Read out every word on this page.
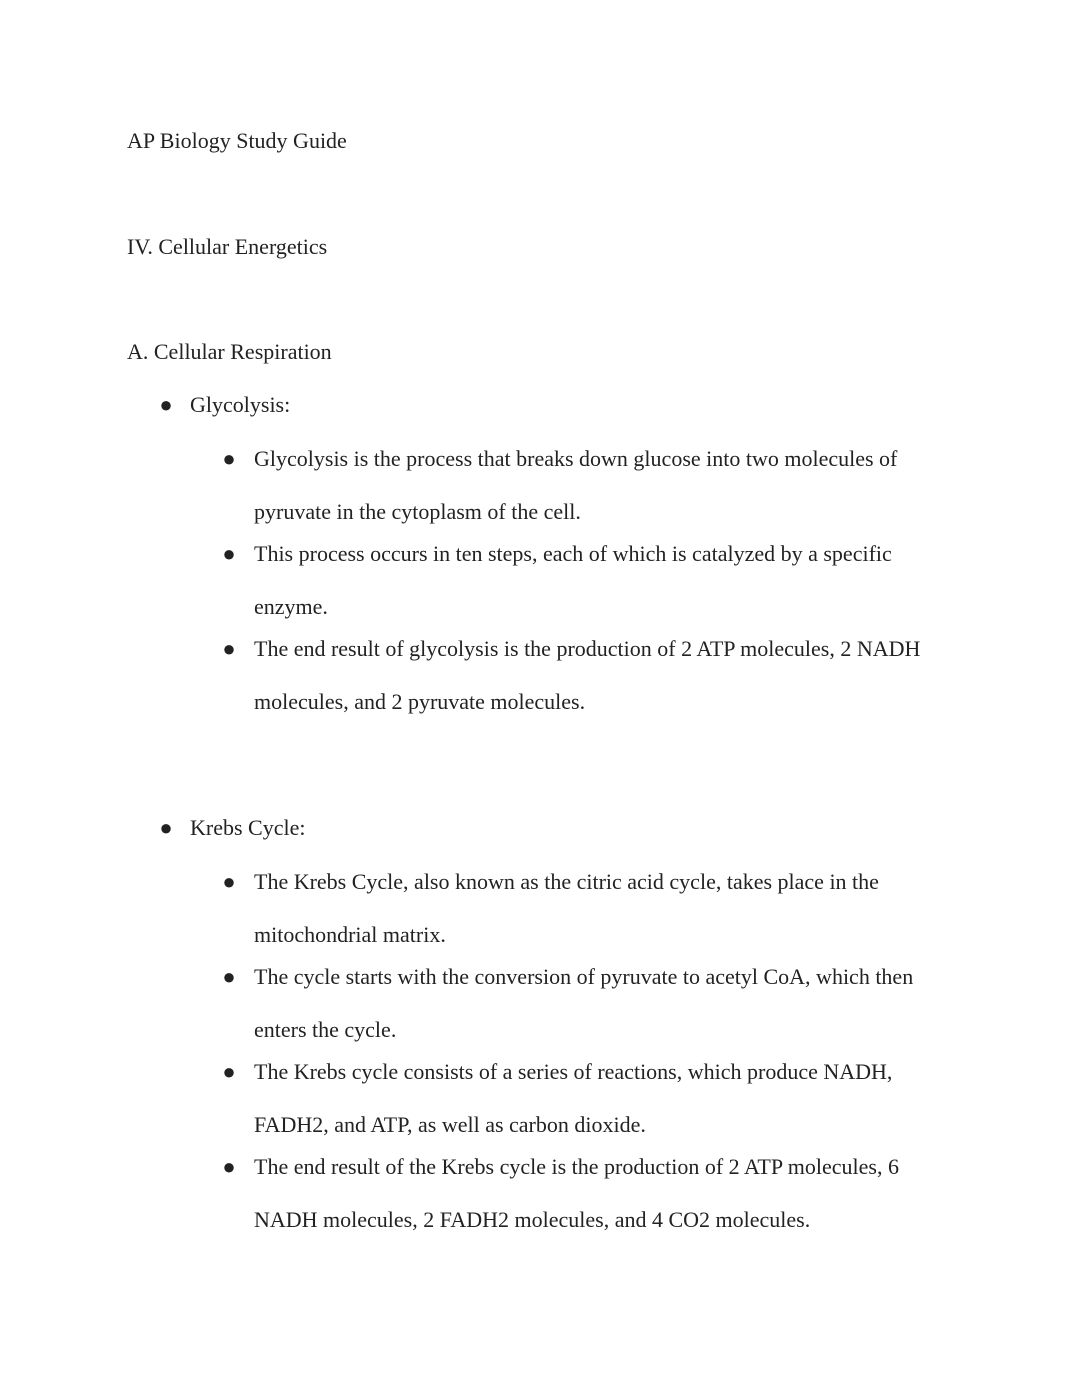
AP Biology Study Guide
IV. Cellular Energetics
A. Cellular Respiration
● Glycolysis:
● Glycolysis is the process that breaks down glucose into two molecules of pyruvate in the cytoplasm of the cell.
● This process occurs in ten steps, each of which is catalyzed by a specific enzyme.
● The end result of glycolysis is the production of 2 ATP molecules, 2 NADH molecules, and 2 pyruvate molecules.
● Krebs Cycle:
● The Krebs Cycle, also known as the citric acid cycle, takes place in the mitochondrial matrix.
● The cycle starts with the conversion of pyruvate to acetyl CoA, which then enters the cycle.
● The Krebs cycle consists of a series of reactions, which produce NADH, FADH2, and ATP, as well as carbon dioxide.
● The end result of the Krebs cycle is the production of 2 ATP molecules, 6 NADH molecules, 2 FADH2 molecules, and 4 CO2 molecules.
